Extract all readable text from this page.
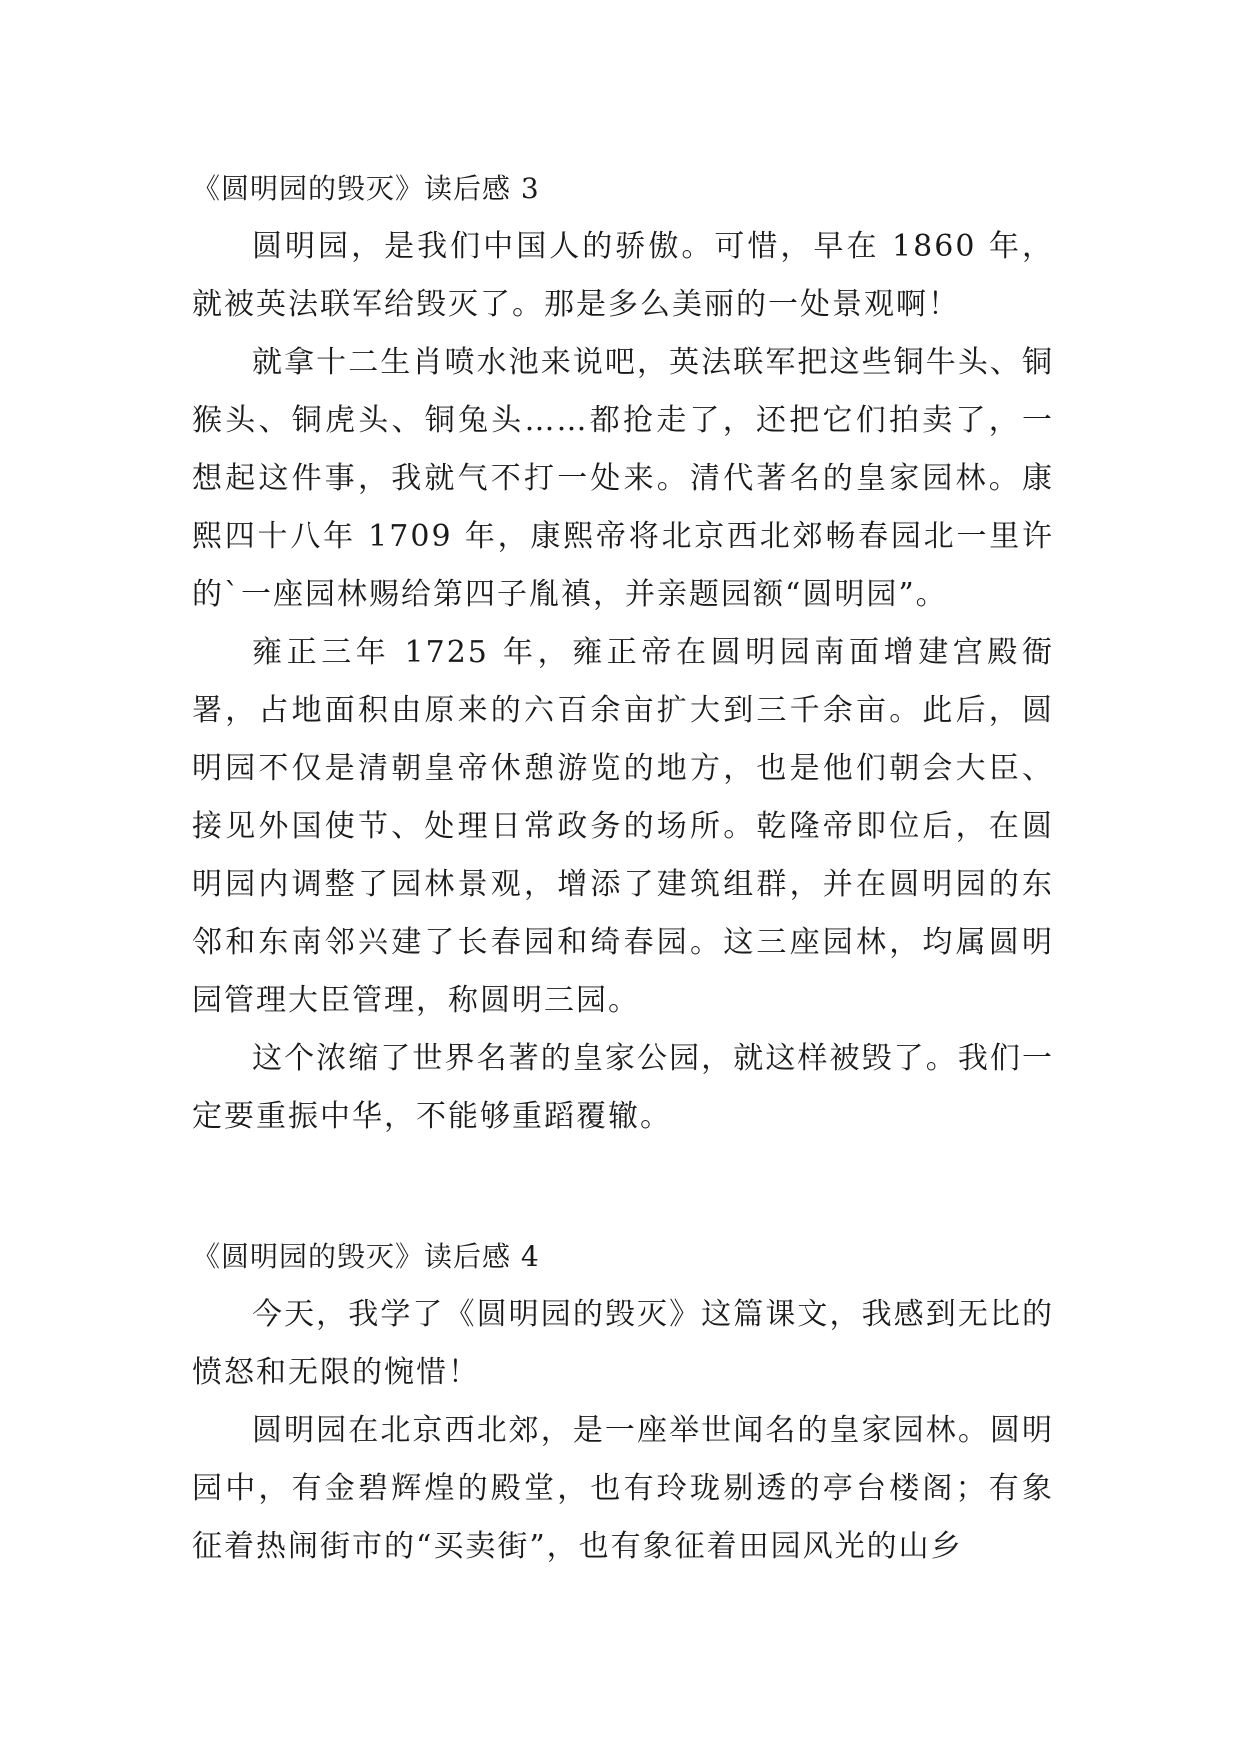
《圆明园的毁灭》读后感 3

圆明园，是我们中国人的骄傲。可惜，早在 1860 年，就被英法联军给毁灭了。那是多么美丽的一处景观啊！

就拿十二生肖喷水池来说吧，英法联军把这些铜牛头、铜猴头、铜虎头、铜兔头……都抢走了，还把它们拍卖了，一想起这件事，我就气不打一处来。清代著名的皇家园林。康熙四十八年 1709 年，康熙帝将北京西北郊畅春园北一里许的`一座园林赐给第四子胤禛，并亲题园额“圆明园”。

雍正三年 1725 年，雍正帝在圆明园南面增建宫殿衙署，占地面积由原来的六百余亩扩大到三千余亩。此后，圆明园不仅是清朝皇帝休憩游览的地方，也是他们朝会大臣、接见外国使节、处理日常政务的场所。乾隆帝即位后，在圆明园内调整了园林景观，增添了建筑组群，并在圆明园的东邻和东南邻兴建了长春园和绮春园。这三座园林，均属圆明园管理大臣管理，称圆明三园。

这个浓缩了世界名著的皇家公园，就这样被毁了。我们一定要重振中华，不能够重蹈覆辙。

《圆明园的毁灭》读后感 4

今天，我学了《圆明园的毁灭》这篇课文，我感到无比的愤怒和无限的惋惜！

圆明园在北京西北郊，是一座举世闻名的皇家园林。圆明园中，有金碧辉煌的殿堂，也有玲珑剔透的亭台楼阁；有象征着热闹街市的“买卖街”，也有象征着田园风光的山乡
